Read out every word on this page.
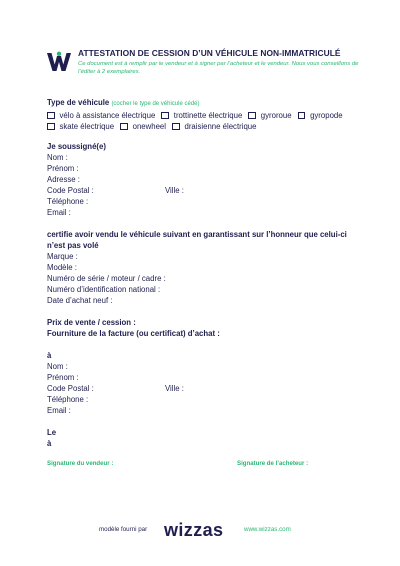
ATTESTATION DE CESSION D’UN VÉHICULE NON-IMMATRICULÉ
Ce document est à remplir par le vendeur et à signer par l’acheteur et le vendeur. Nous vous conseillons de l’éditer à 2 exemplaires.
Type de véhicule (cocher le type de véhicule cédé)
vélo à assistance électrique trottinette électrique gyroroue gyropode
skate électrique onewheel draisienne électrique
Je soussigné(e)
Nom :
Prénom :
Adresse :
Code Postal :	Ville :
Téléphone :
Email :
certifie avoir vendu le véhicule suivant en garantissant sur l’honneur que celui-ci n’est pas volé
Marque :
Modèle :
Numéro de série / moteur / cadre :
Numéro d’identification national :
Date d’achat neuf :
Prix de vente / cession :
Fourniture de la facture (ou certificat) d’achat :
à
Nom :
Prénom :
Code Postal :	Ville :
Téléphone :
Email :
Le
à
Signature du vendeur :	Signature de l’acheteur :
modèle fourni par wizzas	www.wizzas.com
